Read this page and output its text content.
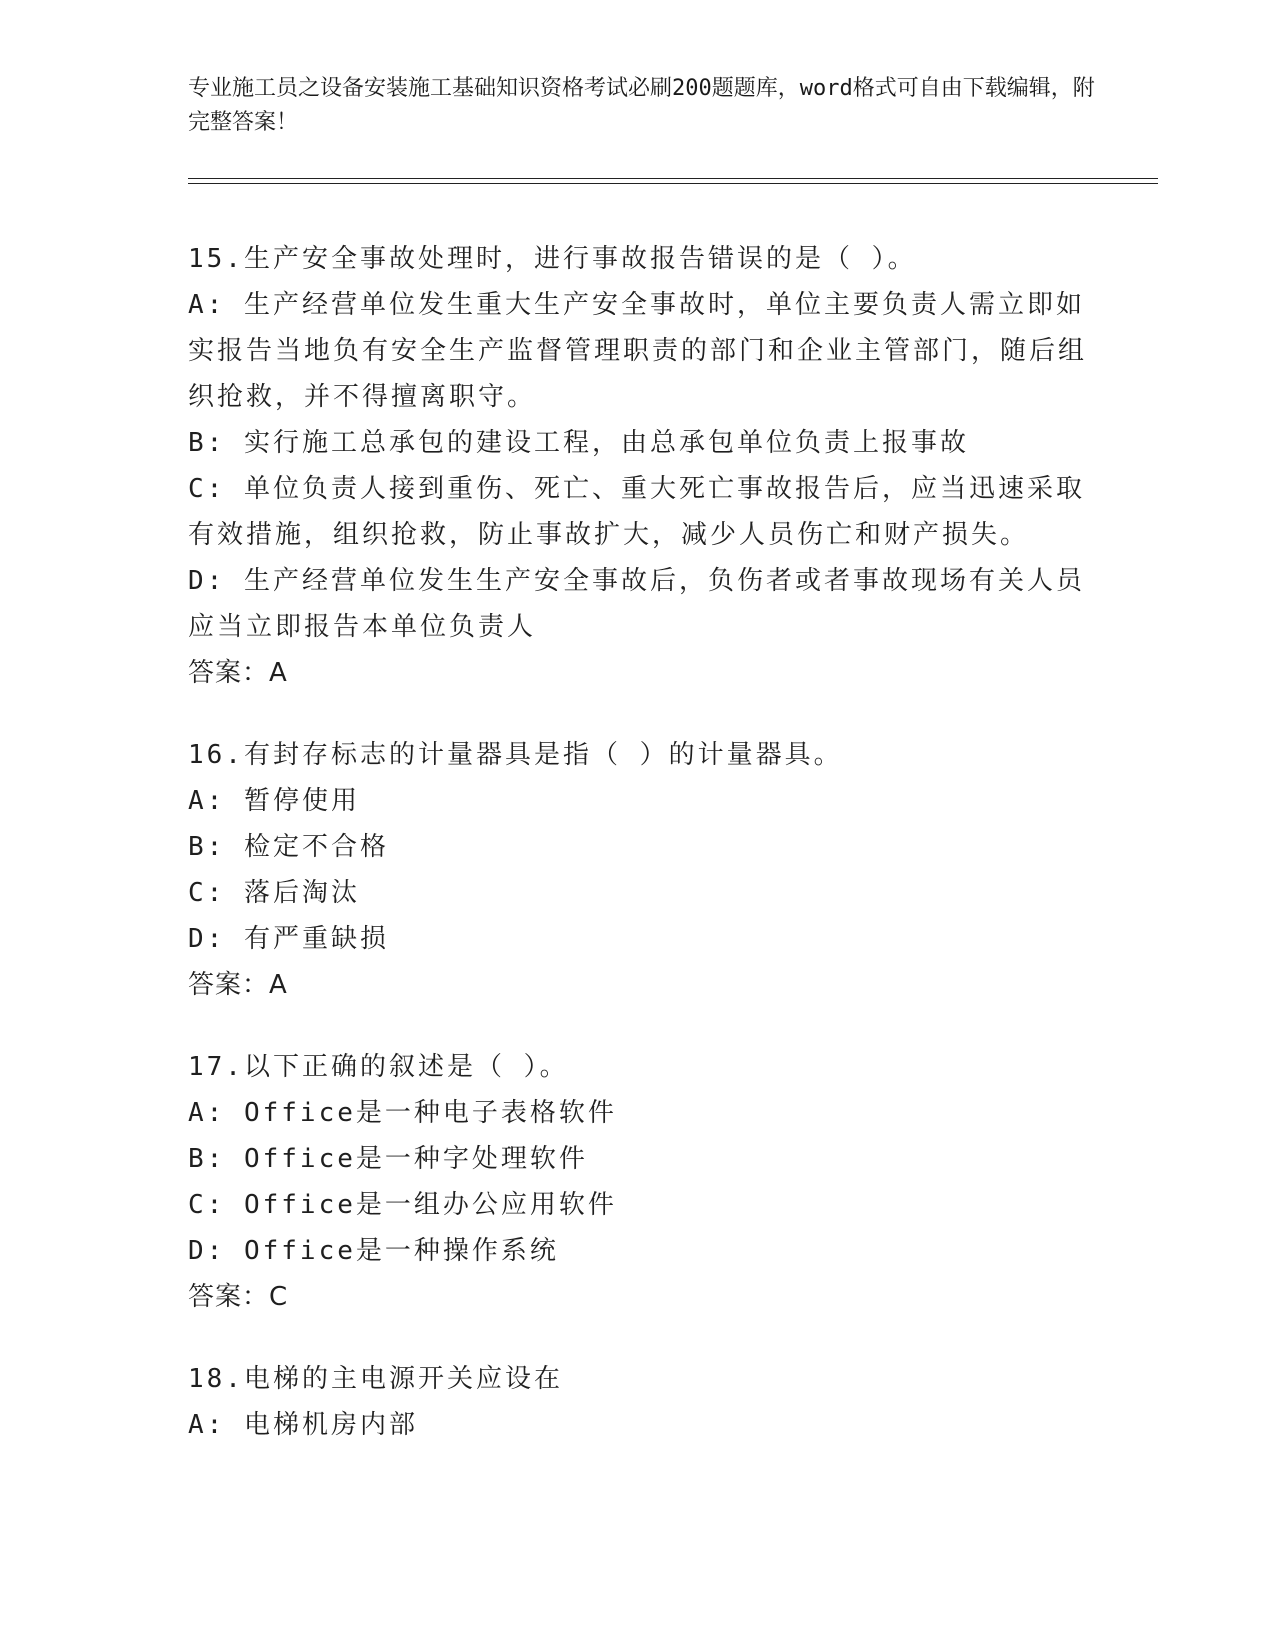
专业施工员之设备安装施工基础知识资格考试必刷200题题库，word格式可自由下载编辑，附完整答案！
15.生产安全事故处理时，进行事故报告错误的是（ ）。
A: 生产经营单位发生重大生产安全事故时，单位主要负责人需立即如实报告当地负有安全生产监督管理职责的部门和企业主管部门，随后组织抢救，并不得擅离职守。
B: 实行施工总承包的建设工程，由总承包单位负责上报事故
C: 单位负责人接到重伤、死亡、重大死亡事故报告后，应当迅速采取有效措施，组织抢救，防止事故扩大，减少人员伤亡和财产损失。
D: 生产经营单位发生生产安全事故后，负伤者或者事故现场有关人员应当立即报告本单位负责人
答案：A
16.有封存标志的计量器具是指（ ）的计量器具。
A: 暂停使用
B: 检定不合格
C: 落后淘汰
D: 有严重缺损
答案：A
17.以下正确的叙述是（ ）。
A: Office是一种电子表格软件
B: Office是一种字处理软件
C: Office是一组办公应用软件
D: Office是一种操作系统
答案：C
18.电梯的主电源开关应设在
A: 电梯机房内部
